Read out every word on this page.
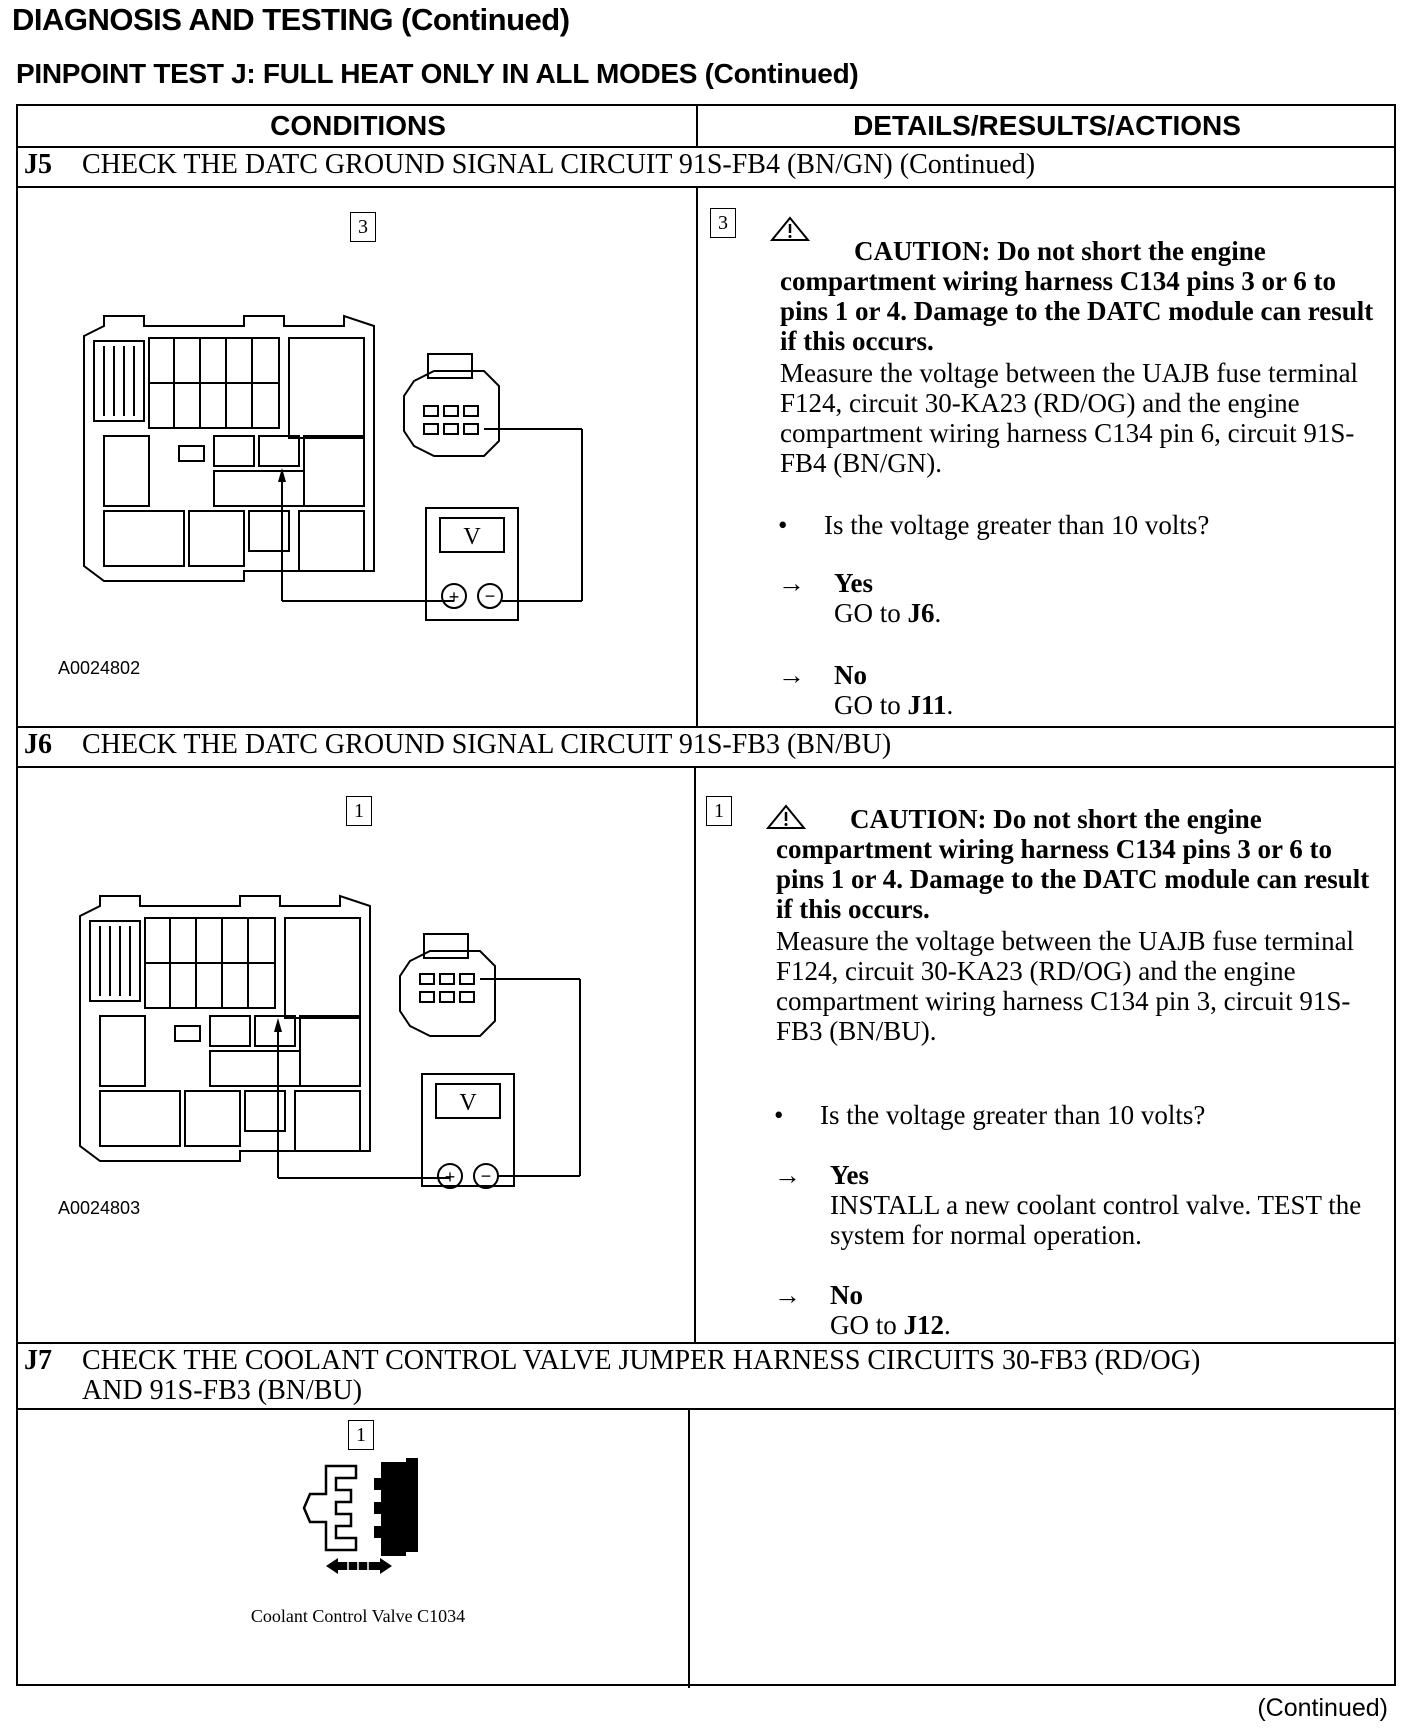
DIAGNOSIS AND TESTING (Continued)
PINPOINT TEST J: FULL HEAT ONLY IN ALL MODES (Continued)
CONDITIONS	DETAILS/RESULTS/ACTIONS
J5 CHECK THE DATC GROUND SIGNAL CIRCUIT 91S-FB4 (BN/GN) (Continued)
3
V
+ −
A0024802
3
CAUTION: Do not short the engine compartment wiring harness C134 pins 3 or 6 to pins 1 or 4. Damage to the DATC module can result if this occurs.
Measure the voltage between the UAJB fuse terminal F124, circuit 30-KA23 (RD/OG) and the engine compartment wiring harness C134 pin 6, circuit 91S-FB4 (BN/GN).
• Is the voltage greater than 10 volts?
→ Yes
GO to J6.
→ No
GO to J11.
J6 CHECK THE DATC GROUND SIGNAL CIRCUIT 91S-FB3 (BN/BU)
1
V
+ −
A0024803
1	CAUTION: Do not short the engine compartment wiring harness C134 pins 3 or 6 to pins 1 or 4. Damage to the DATC module can result if this occurs.
Measure the voltage between the UAJB fuse terminal F124, circuit 30-KA23 (RD/OG) and the engine compartment wiring harness C134 pin 3, circuit 91S-FB3 (BN/BU).
• Is the voltage greater than 10 volts?
→ Yes
INSTALL a new coolant control valve. TEST the system for normal operation.
→ No
GO to J12.
J7 CHECK THE COOLANT CONTROL VALVE JUMPER HARNESS CIRCUITS 30-FB3 (RD/OG)
AND 91S-FB3 (BN/BU)
1
Coolant Control Valve C1034
(Continued)
